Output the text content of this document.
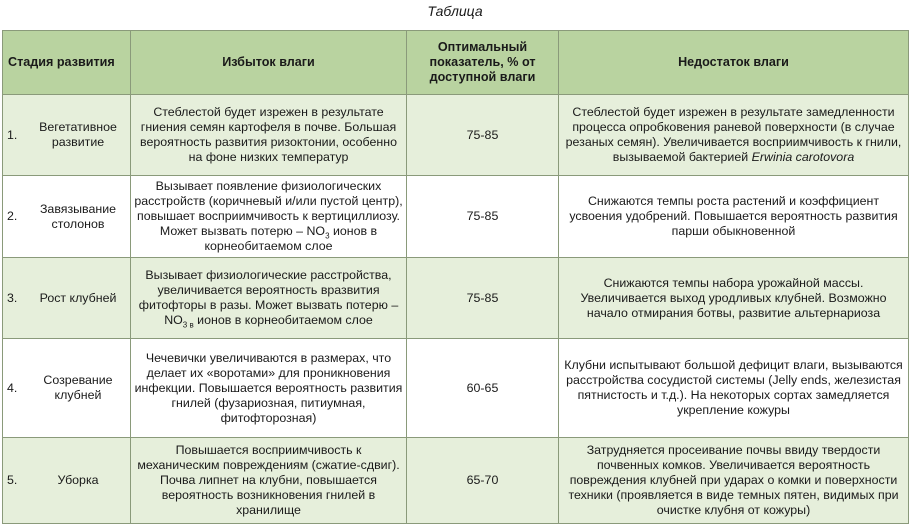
Таблица
Стадия развития	Избыток влаги	Оптимальный показатель, % от доступной влаги	Недостаток влаги

1.
Вегетативное развитие	Стеблестой будет изрежен в результате гниения семян картофеля в почве. Большая вероятность развития ризоктонии, особенно на фоне низких температур	75-85	Стеблестой будет изрежен в результате замедленности процесса опробковения раневой поверхности (в случае резаных семян). Увеличивается восприимчивость к гнили, вызываемой бактерией Erwinia carotovora

2.
Завязывание столонов	Вызывает появление физиологических расстройств (коричневый и/или пустой центр), повышает восприимчивость к вертициллиозу. Может вызвать потерю – $NO_3$ ионов в корнеобитаемом слое	75-85	Снижаются темпы роста растений и коэффициент усвоения удобрений. Повышается вероятность развития парши обыкновенной

3. Рост клубней	Вызывает физиологические расстройства, увеличивается вероятность вразвития фитофторы в разы. Может вызвать потерю $-NO_{3 в}$ ионов в корнеобитаемом слое	75-85	Снижаются темпы набора урожайной массы. Увеличивается выход уродливых клубней. Возможно начало отмирания ботвы, развитие альтернариоза

4.
Созревание клубней	Чечевички увеличиваются в размерах, что делает их «воротами» для проникновения инфекции. Повышается вероятность развития гнилей (фузариозная, питиумная, фитофторозная)	60-65	Клубни испытывают большой дефицит влаги, вызываются расстройства сосудистой системы (Jelly ends, железистая пятнистость и т.д.). На некоторых сортах замедляется укрепление кожуры

5. Уборка	Повышается восприимчивость к механическим повреждениям (сжатие-сдвиг). Почва липнет на клубни, повышается вероятность возникновения гнилей в хранилище	65-70	Затрудняется просеивание почвы ввиду твердости почвенных комков. Увеличивается вероятность повреждения клубней при ударах о комки и поверхности техники (проявляется в виде темных пятен, видимых при очистке клубня от кожуры)
